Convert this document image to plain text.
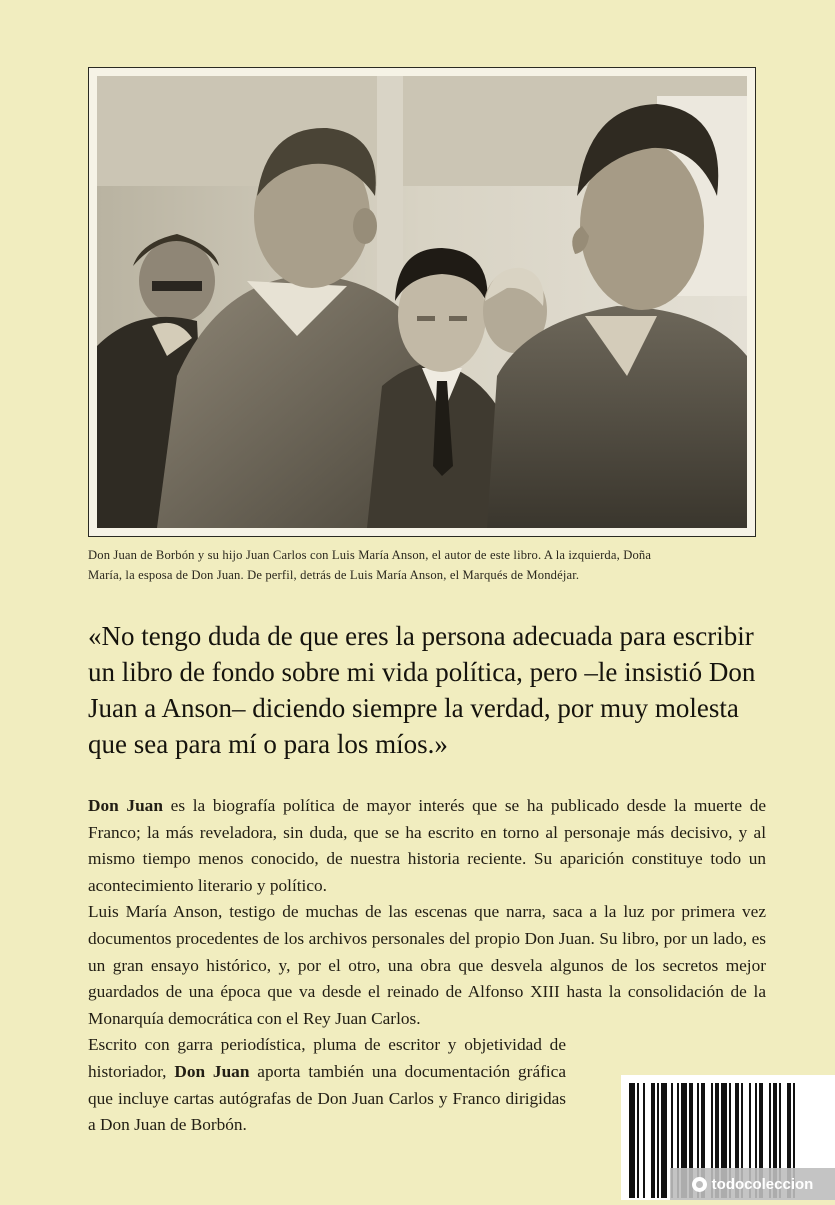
Don Juan de Borbón y su hijo Juan Carlos con Luis María Anson, el autor de este libro. A la izquierda, Doña
María, la esposa de Don Juan. De perfil, detrás de Luis María Anson, el Marqués de Mondéjar.
«No tengo duda de que eres la persona adecuada para escribir un libro de fondo sobre mi vida política, pero –le insistió Don Juan a Anson– diciendo siempre la verdad, por muy molesta que sea para mí o para los míos.»

Don Juan es la biografía política de mayor interés que se ha publicado desde la muerte de Franco; la más reveladora, sin duda, que se ha escrito en torno al personaje más decisivo, y al mismo tiempo menos conocido, de nuestra historia reciente. Su aparición constituye todo un acontecimiento literario y político.

Luis María Anson, testigo de muchas de las escenas que narra, saca a la luz por primera vez documentos procedentes de los archivos personales del propio Don Juan. Su libro, por un lado, es un gran ensayo histórico, y, por el otro, una obra que desvela algunos de los secretos mejor guardados de una época que va desde el reinado de Alfonso XIII hasta la consolidación de la Monarquía democrática con el Rey Juan Carlos.

Escrito con garra periodística, pluma de escritor y objetividad de historiador, Don Juan aporta también una documentación gráfica que incluye cartas autógrafas de Don Juan Carlos y Franco dirigidas a Don Juan de Borbón.

todocoleccion
